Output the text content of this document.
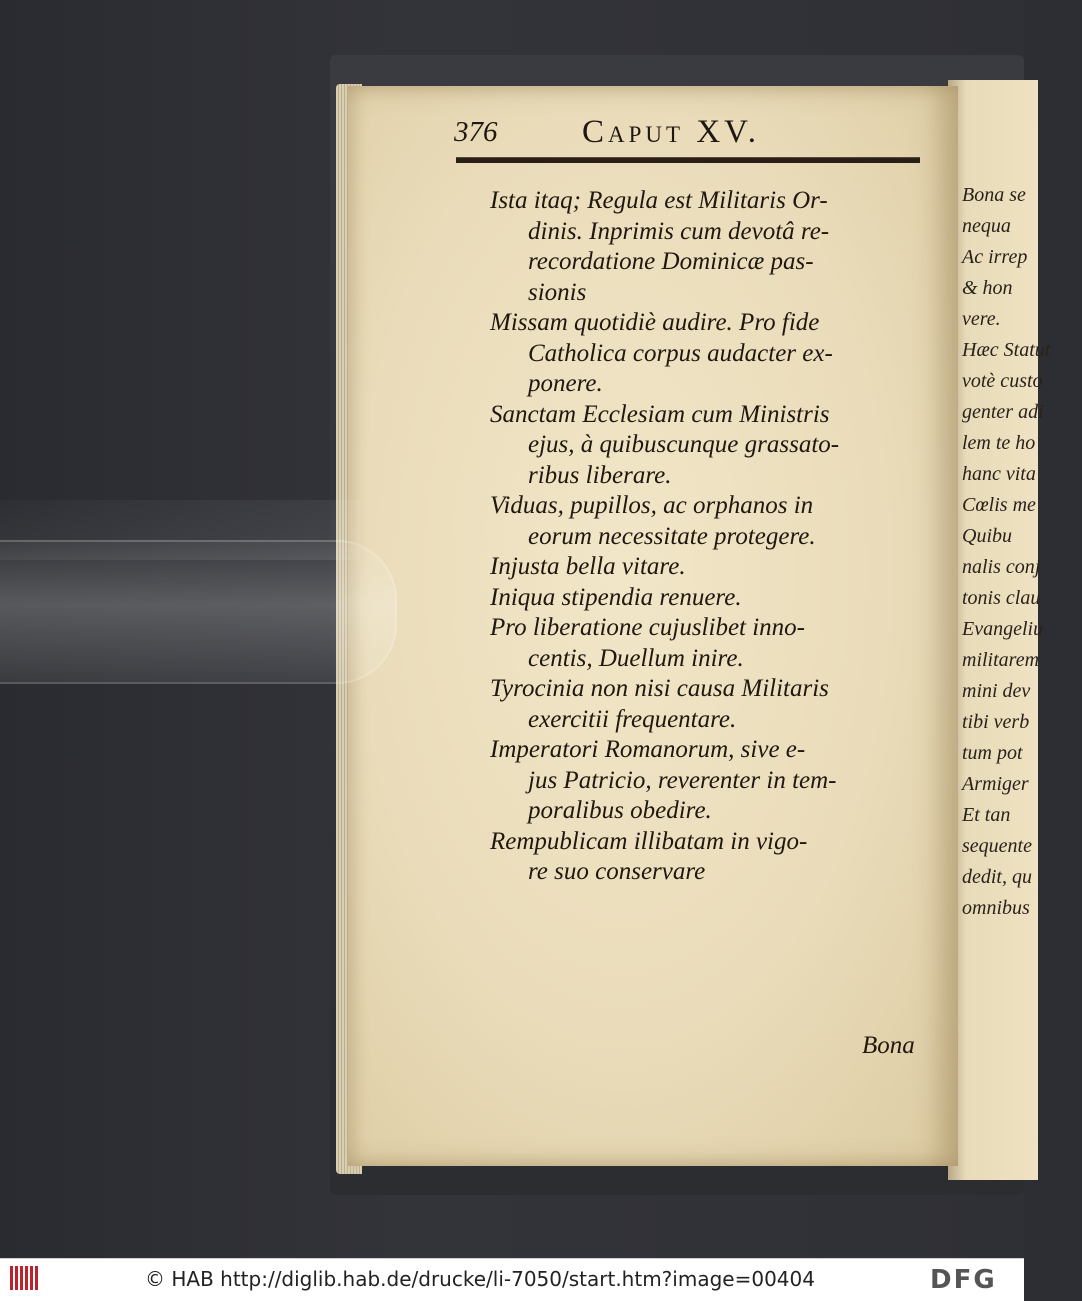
Bona se
nequa
Ac irrep
& hon
vere.
Hæc Statut
votè custo
genter adi
lem te ho
hanc vita
Cœlis me
Quibu
nalis conj
tonis clau
Evangeliu
militarem
mini dev
tibi verb
tum pot
Armiger
Et tan
sequente
dedit, qu
omnibus
376	Caput XV.
Ista itaq; Regula est Militaris Or-
dinis. Inprimis cum devotâ re-
recordatione Dominicæ pas-
sionis
Missam quotidiè audire. Pro fide
Catholica corpus audacter ex-
ponere.
Sanctam Ecclesiam cum Ministris
ejus, à quibuscunque grassato-
ribus liberare.
Viduas, pupillos, ac orphanos in
eorum necessitate protegere.
Injusta bella vitare.
Iniqua stipendia renuere.
Pro liberatione cujuslibet inno-
centis, Duellum inire.
Tyrocinia non nisi causa Militaris
exercitii frequentare.
Imperatori Romanorum, sive e-
jus Patricio, reverenter in tem-
poralibus obedire.
Rempublicam illibatam in vigo-
re suo conservare
Bona
© HAB http://diglib.hab.de/drucke/li-7050/start.htm?image=00404	DFG
